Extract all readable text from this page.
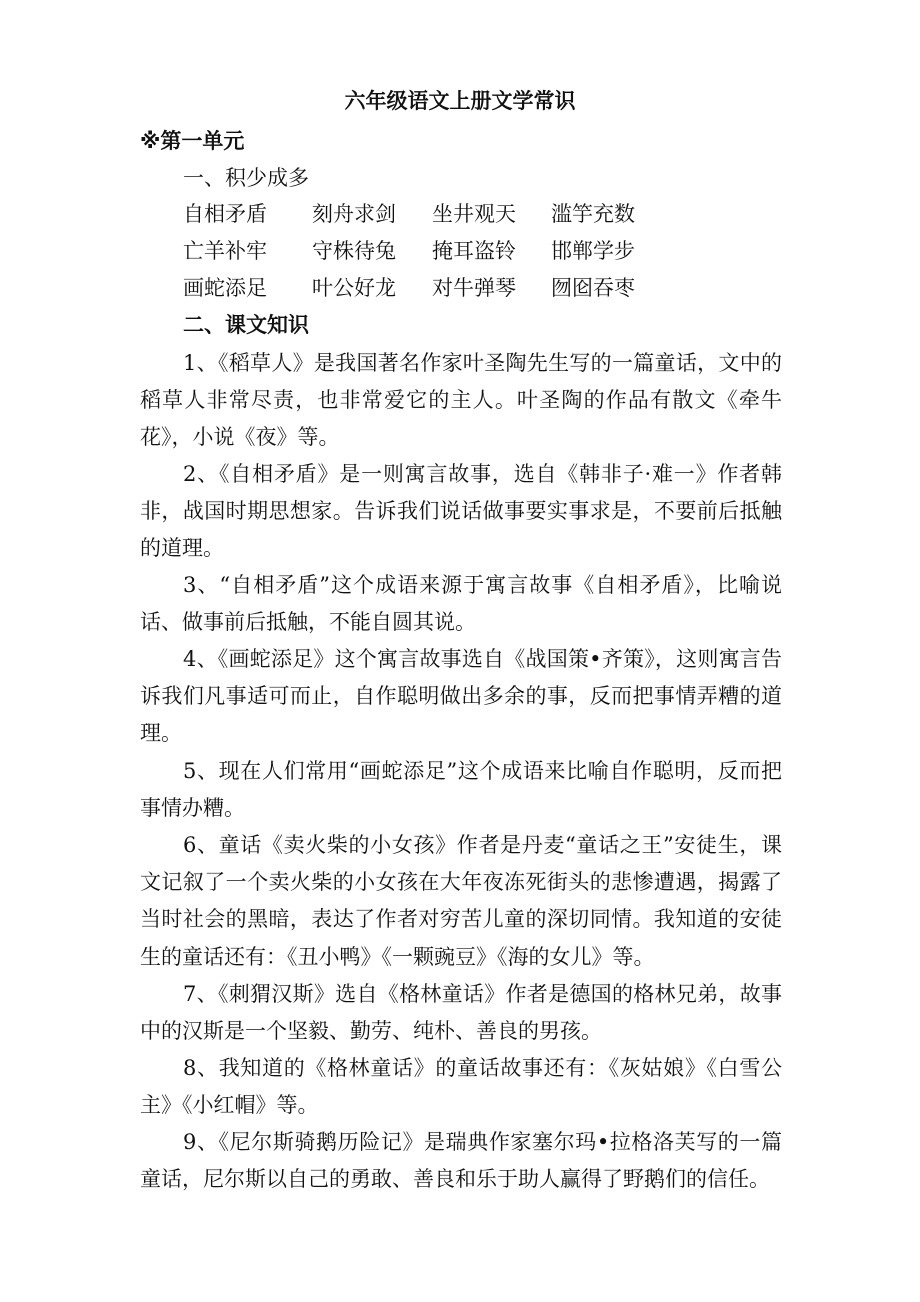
六年级语文上册文学常识
※第一单元
一、积少成多
自相矛盾 刻舟求剑 坐井观天 滥竽充数
亡羊补牢 守株待兔 掩耳盗铃 邯郸学步
画蛇添足 叶公好龙 对牛弹琴 囫囵吞枣
二、课文知识

1、《稻草人》是我国著名作家叶圣陶先生写的一篇童话，文中的稻草人非常尽责，也非常爱它的主人。叶圣陶的作品有散文《牵牛花》，小说《夜》等。

2、《自相矛盾》是一则寓言故事，选自《韩非子·难一》作者韩非，战国时期思想家。告诉我们说话做事要实事求是，不要前后抵触的道理。

3、“自相矛盾”这个成语来源于寓言故事《自相矛盾》，比喻说话、做事前后抵触，不能自圆其说。

4、《画蛇添足》这个寓言故事选自《战国策•齐策》，这则寓言告诉我们凡事适可而止，自作聪明做出多余的事，反而把事情弄糟的道理。

5、现在人们常用“画蛇添足”这个成语来比喻自作聪明，反而把事情办糟。

6、童话《卖火柴的小女孩》作者是丹麦“童话之王”安徒生，课文记叙了一个卖火柴的小女孩在大年夜冻死街头的悲惨遭遇，揭露了当时社会的黑暗，表达了作者对穷苦儿童的深切同情。我知道的安徒生的童话还有：《丑小鸭》《一颗豌豆》《海的女儿》等。

7、《刺猬汉斯》选自《格林童话》作者是德国的格林兄弟，故事中的汉斯是一个坚毅、勤劳、纯朴、善良的男孩。

8、我知道的《格林童话》的童话故事还有：《灰姑娘》《白雪公主》《小红帽》等。

9、《尼尔斯骑鹅历险记》是瑞典作家塞尔玛•拉格洛芙写的一篇童话，尼尔斯以自己的勇敢、善良和乐于助人赢得了野鹅们的信任。
